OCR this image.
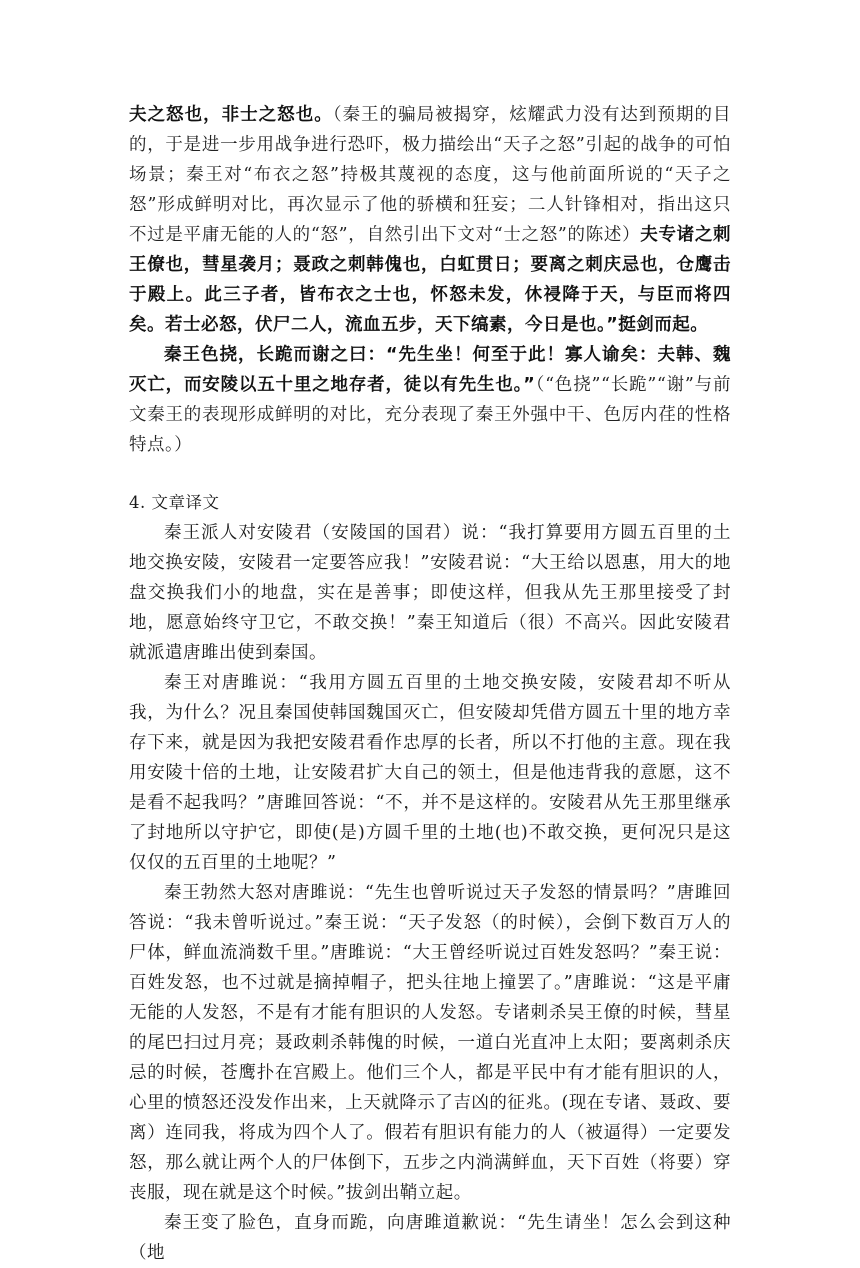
夫之怒也，非士之怒也。（秦王的骗局被揭穿，炫耀武力没有达到预期的目的，于是进一步用战争进行恐吓，极力描绘出“天子之怒”引起的战争的可怕场景；秦王对“布衣之怒”持极其蔑视的态度，这与他前面所说的“天子之怒”形成鲜明对比，再次显示了他的骄横和狂妄；二人针锋相对，指出这只不过是平庸无能的人的“怒”，自然引出下文对“士之怒”的陈述）夫专诸之刺王僚也，彗星袭月；聂政之刺韩傀也，白虹贯日；要离之刺庆忌也，仓鹰击于殿上。此三子者，皆布衣之士也，怀怒未发，休祲降于天，与臣而将四矣。若士必怒，伏尸二人，流血五步，天下缟素，今日是也。”挺剑而起。

秦王色挠，长跪而谢之曰：“先生坐！何至于此！寡人谕矣：夫韩、魏灭亡，而安陵以五十里之地存者，徒以有先生也。”（“色挠”“长跪”“谢”与前文秦王的表现形成鲜明的对比，充分表现了秦王外强中干、色厉内荏的性格特点。）

4. 文章译文

秦王派人对安陵君（安陵国的国君）说：“我打算要用方圆五百里的土地交换安陵，安陵君一定要答应我！”安陵君说：“大王给以恩惠，用大的地盘交换我们小的地盘，实在是善事；即使这样，但我从先王那里接受了封地，愿意始终守卫它，不敢交换！”秦王知道后（很）不高兴。因此安陵君就派遣唐雎出使到秦国。

秦王对唐雎说：“我用方圆五百里的土地交换安陵，安陵君却不听从我，为什么？况且秦国使韩国魏国灭亡，但安陵却凭借方圆五十里的地方幸存下来，就是因为我把安陵君看作忠厚的长者，所以不打他的主意。现在我用安陵十倍的土地，让安陵君扩大自己的领土，但是他违背我的意愿，这不是看不起我吗？”唐雎回答说：“不，并不是这样的。安陵君从先王那里继承了封地所以守护它，即使(是)方圆千里的土地(也)不敢交换，更何况只是这仅仅的五百里的土地呢？”

秦王勃然大怒对唐雎说：“先生也曾听说过天子发怒的情景吗？”唐雎回答说：“我未曾听说过。”秦王说：“天子发怒（的时候），会倒下数百万人的尸体，鲜血流淌数千里。”唐雎说：“大王曾经听说过百姓发怒吗？”秦王说：百姓发怒，也不过就是摘掉帽子，把头往地上撞罢了。”唐雎说：“这是平庸无能的人发怒，不是有才能有胆识的人发怒。专诸刺杀吴王僚的时候，彗星的尾巴扫过月亮；聂政刺杀韩傀的时候，一道白光直冲上太阳；要离刺杀庆忌的时候，苍鹰扑在宫殿上。他们三个人，都是平民中有才能有胆识的人，心里的愤怒还没发作出来，上天就降示了吉凶的征兆。(现在专诸、聂政、要离）连同我，将成为四个人了。假若有胆识有能力的人（被逼得）一定要发怒，那么就让两个人的尸体倒下，五步之内淌满鲜血，天下百姓（将要）穿丧服，现在就是这个时候。”拔剑出鞘立起。

秦王变了脸色，直身而跪，向唐雎道歉说：“先生请坐！怎么会到这种（地
